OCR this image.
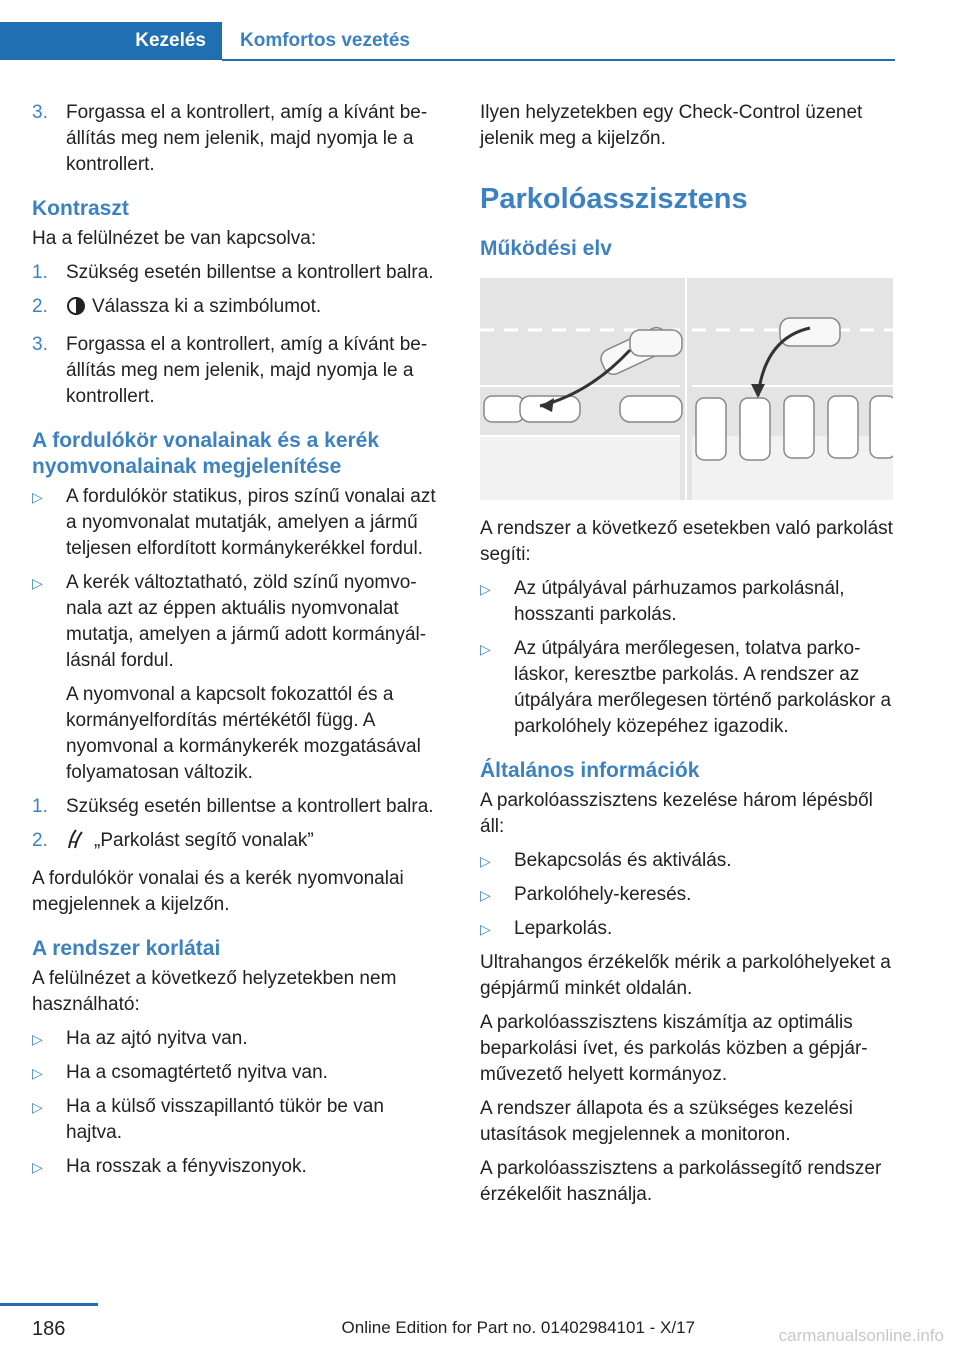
Kezelés	Komfortos vezetés
3. Forgassa el a kontrollert, amíg a kívánt beállítás meg nem jelenik, majd nyomja le a kontrollert.
Kontraszt

Ha a felülnézet be van kapcsolva:

1. Szükség esetén billentse a kontrollert balra.
2.	Válassza ki a szimbólumot.
3. Forgassa el a kontrollert, amíg a kívánt beállítás meg nem jelenik, majd nyomja le a kontrollert.
A fordulókör vonalainak és a kerék nyomvonalainak megjelenítése
▷	A fordulókör statikus, piros színű vonalai azt a nyomvonalat mutatják, amelyen a jármű teljesen elfordított kormánykerékkel fordul.
▷	A kerék változtatható, zöld színű nyomvonala azt az éppen aktuális nyomvonalat mutatja, amelyen a jármű adott kormányállásnál fordul.

A nyomvonal a kapcsolt fokozattól és a kormányelfordítás mértékétől függ. A nyomvonal a kormánykerék mozgatásával folyamatosan változik.

1. Szükség esetén billentse a kontrollert balra.
2.	„Parkolást segítő vonalak”

A fordulókör vonalai és a kerék nyomvonalai megjelennek a kijelzőn.

A rendszer korlátai

A felülnézet a következő helyzetekben nem használható:

▷	Ha az ajtó nyitva van.
▷	Ha a csomagtértető nyitva van.
▷	Ha a külső visszapillantó tükör be van hajtva.
▷	Ha rosszak a fényviszonyok.

Ilyen helyzetekben egy Check-Control üzenet jelenik meg a kijelzőn.

Parkolóasszisztens
Működési elv

A rendszer a következő esetekben való parkolást segíti:

▷	Az útpályával párhuzamos parkolásnál, hosszanti parkolás.
▷	Az útpályára merőlegesen, tolatva parkoláskor, keresztbe parkolás. A rendszer az útpályára merőlegesen történő parkoláskor a parkolóhely közepéhez igazodik.
Általános információk

A parkolóasszisztens kezelése három lépésből áll:

▷	Bekapcsolás és aktiválás.
▷	Parkolóhely-keresés.
▷	Leparkolás.

Ultrahangos érzékelők mérik a parkolóhelyeket a gépjármű minkét oldalán.

A parkolóasszisztens kiszámítja az optimális beparkolási ívet, és parkolás közben a gépjárművezető helyett kormányoz.

A rendszer állapota és a szükséges kezelési utasítások megjelennek a monitoron.

A parkolóasszisztens a parkolássegítő rendszer érzékelőit használja.

186	Online Edition for Part no. 01402984101 - X/17	carmanualsonline.info
